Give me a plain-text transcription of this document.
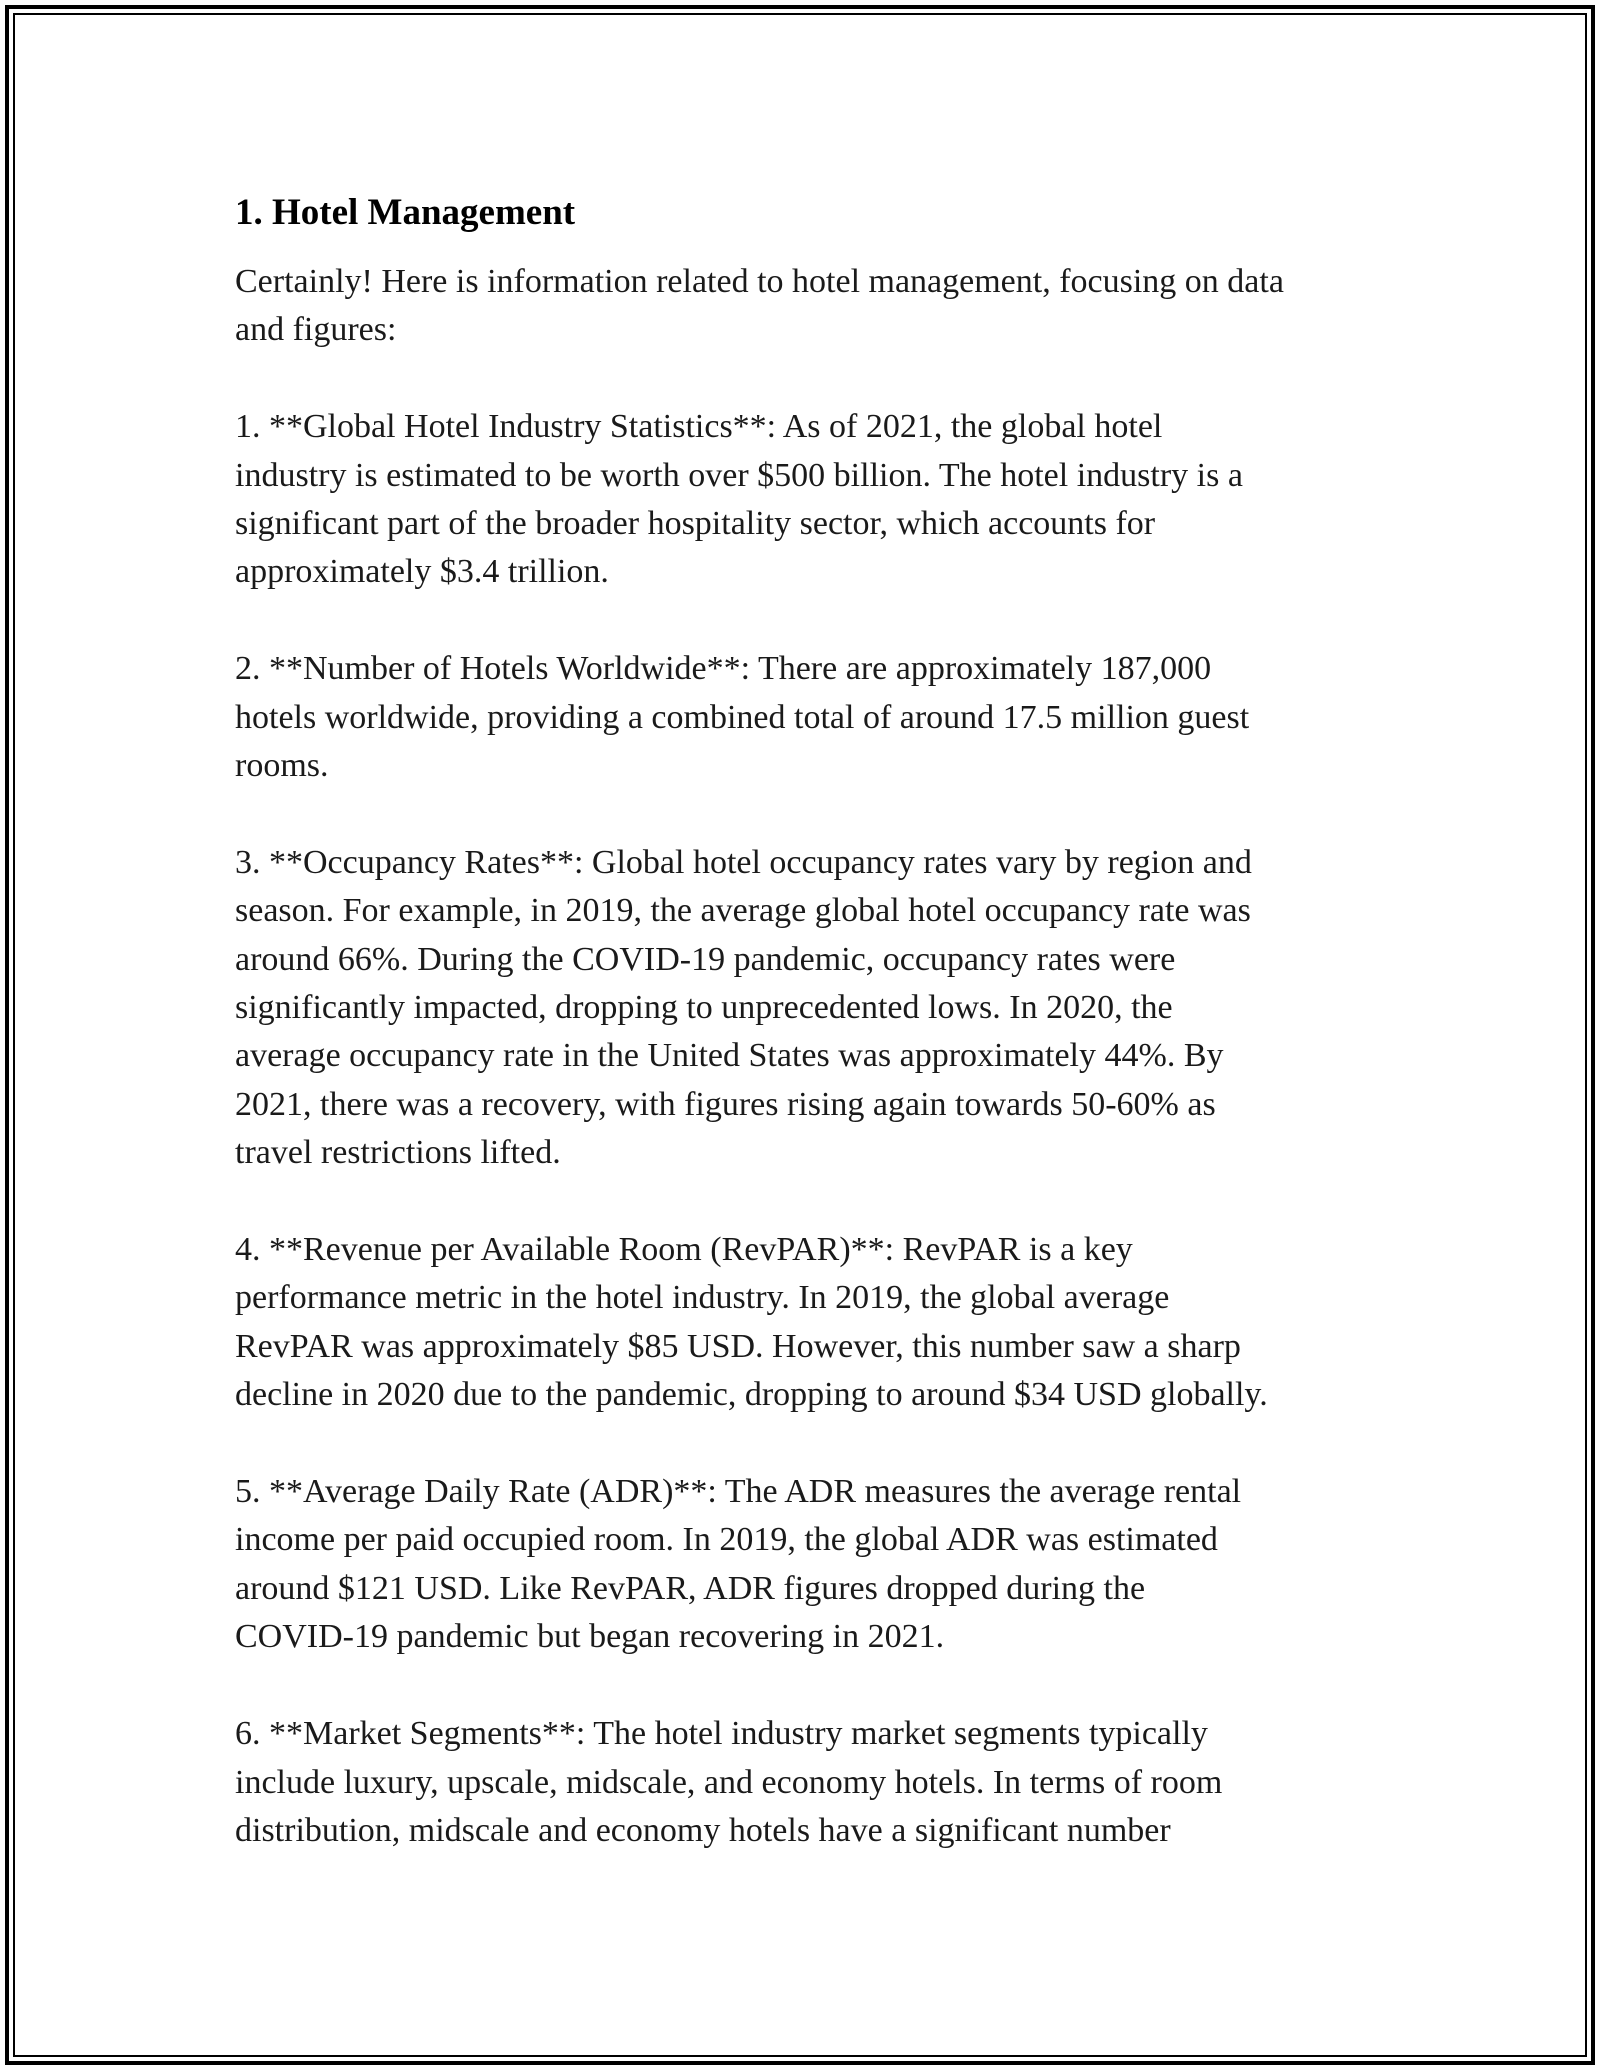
1. Hotel Management

Certainly! Here is information related to hotel management, focusing on data
and figures:

1. **Global Hotel Industry Statistics**: As of 2021, the global hotel
industry is estimated to be worth over $500 billion. The hotel industry is a
significant part of the broader hospitality sector, which accounts for
approximately $3.4 trillion.

2. **Number of Hotels Worldwide**: There are approximately 187,000
hotels worldwide, providing a combined total of around 17.5 million guest
rooms.

3. **Occupancy Rates**: Global hotel occupancy rates vary by region and
season. For example, in 2019, the average global hotel occupancy rate was
around 66%. During the COVID-19 pandemic, occupancy rates were
significantly impacted, dropping to unprecedented lows. In 2020, the
average occupancy rate in the United States was approximately 44%. By
2021, there was a recovery, with figures rising again towards 50-60% as
travel restrictions lifted.

4. **Revenue per Available Room (RevPAR)**: RevPAR is a key
performance metric in the hotel industry. In 2019, the global average
RevPAR was approximately $85 USD. However, this number saw a sharp
decline in 2020 due to the pandemic, dropping to around $34 USD globally.

5. **Average Daily Rate (ADR)**: The ADR measures the average rental
income per paid occupied room. In 2019, the global ADR was estimated
around $121 USD. Like RevPAR, ADR figures dropped during the
COVID-19 pandemic but began recovering in 2021.

6. **Market Segments**: The hotel industry market segments typically
include luxury, upscale, midscale, and economy hotels. In terms of room
distribution, midscale and economy hotels have a significant number
